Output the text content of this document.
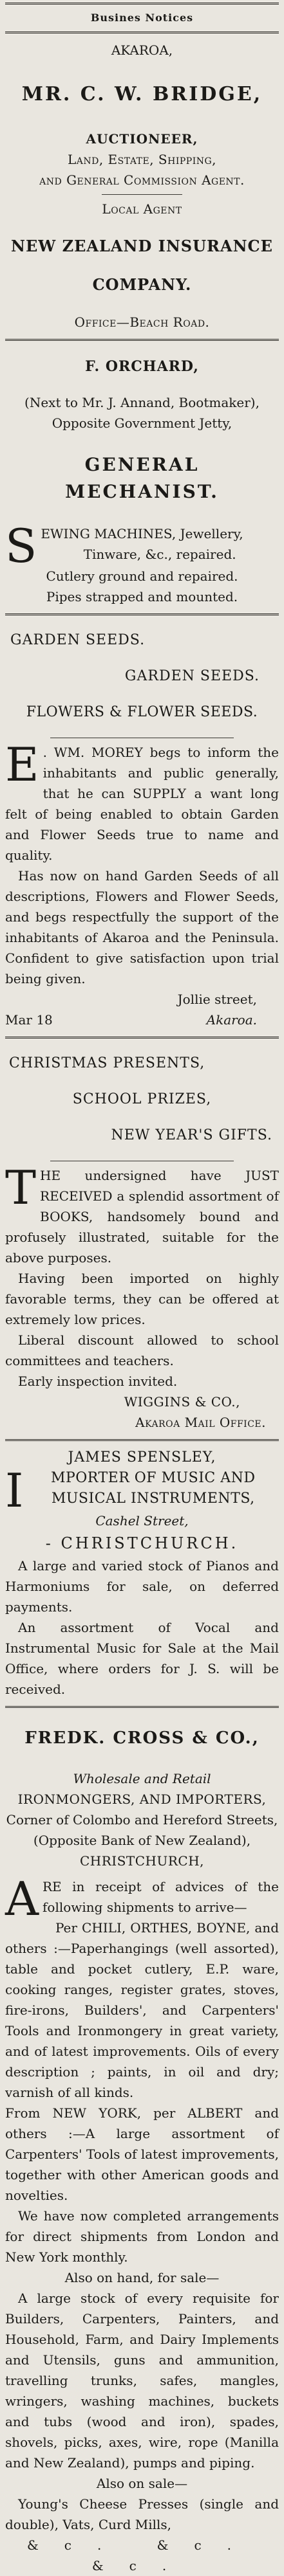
Busines Notices

AKAROA,

MR. C. W. BRIDGE,

AUCTIONEER,

Land, Estate, Shipping,

and General Commission Agent.

Local Agent

NEW ZEALAND INSURANCE

COMPANY.

Office—Beach Road.

F. ORCHARD,

(Next to Mr. J. Annand, Bootmaker),

Opposite Government Jetty,

GENERAL MECHANIST.

S EWING MACHINES, Jewellery,

Tinware, &c., repaired.

Cutlery ground and repaired.

Pipes strapped and mounted.

GARDEN SEEDS.

GARDEN SEEDS.

FLOWERS & FLOWER SEEDS.

E . WM. MOREY begs to inform the inhabitants and public generally, that he can SUPPLY a want long felt of being enabled to obtain Garden and Flower Seeds true to name and quality.

Has now on hand Garden Seeds of all descriptions, Flowers and Flower Seeds, and begs respectfully the support of the inhabitants of Akaroa and the Peninsula. Confident to give satisfaction upon trial being given.

Jollie street,

Mar 18	Akaroa.

CHRISTMAS PRESENTS,

SCHOOL PRIZES,

NEW YEAR'S GIFTS.

T HE undersigned have JUST RECEIVED a splendid assortment of BOOKS, handsomely bound and profusely illustrated, suitable for the above purposes.

Having been imported on highly favorable terms, they can be offered at extremely low prices.

Liberal discount allowed to school committees and teachers.

Early inspection invited.

WIGGINS & CO.,

Akaroa Mail Office.

JAMES SPENSLEY,

I	MPORTER OF MUSIC AND MUSICAL INSTRUMENTS,

Cashel Street,

- CHRISTCHURCH.

A large and varied stock of Pianos and Harmoniums for sale, on deferred payments.

An assortment of Vocal and Instrumental Music for Sale at the Mail Office, where orders for J. S. will be received.

FREDK. CROSS & CO.,

Wholesale and Retail

IRONMONGERS, AND IMPORTERS,

Corner of Colombo and Hereford Streets,

(Opposite Bank of New Zealand),

CHRISTCHURCH,

A RE in receipt of advices of the following shipments to arrive—

Per CHILI, ORTHES, BOYNE, and others :—Paperhangings (well assorted), table and pocket cutlery, E.P. ware, cooking ranges, register grates, stoves, fire-irons, Builders', and Carpenters' Tools and Ironmongery in great variety, and of latest improvements. Oils of every description ; paints, in oil and dry; varnish of all kinds.

From NEW YORK, per ALBERT and others :—A large assortment of Carpenters' Tools of latest improvements, together with other American goods and novelties.

We have now completed arrangements for direct shipments from London and New York monthly.

Also on hand, for sale—

A large stock of every requisite for Builders, Carpenters, Painters, and Household, Farm, and Dairy Implements and Utensils, guns and ammunition, travelling trunks, safes, mangles, wringers, washing machines, buckets and tubs (wood and iron), spades, shovels, picks, axes, wire, rope (Manilla and New Zealand), pumps and piping.

Also on sale—

Young's Cheese Presses (single and double), Vats, Curd Mills,

&c. &c. &c.
